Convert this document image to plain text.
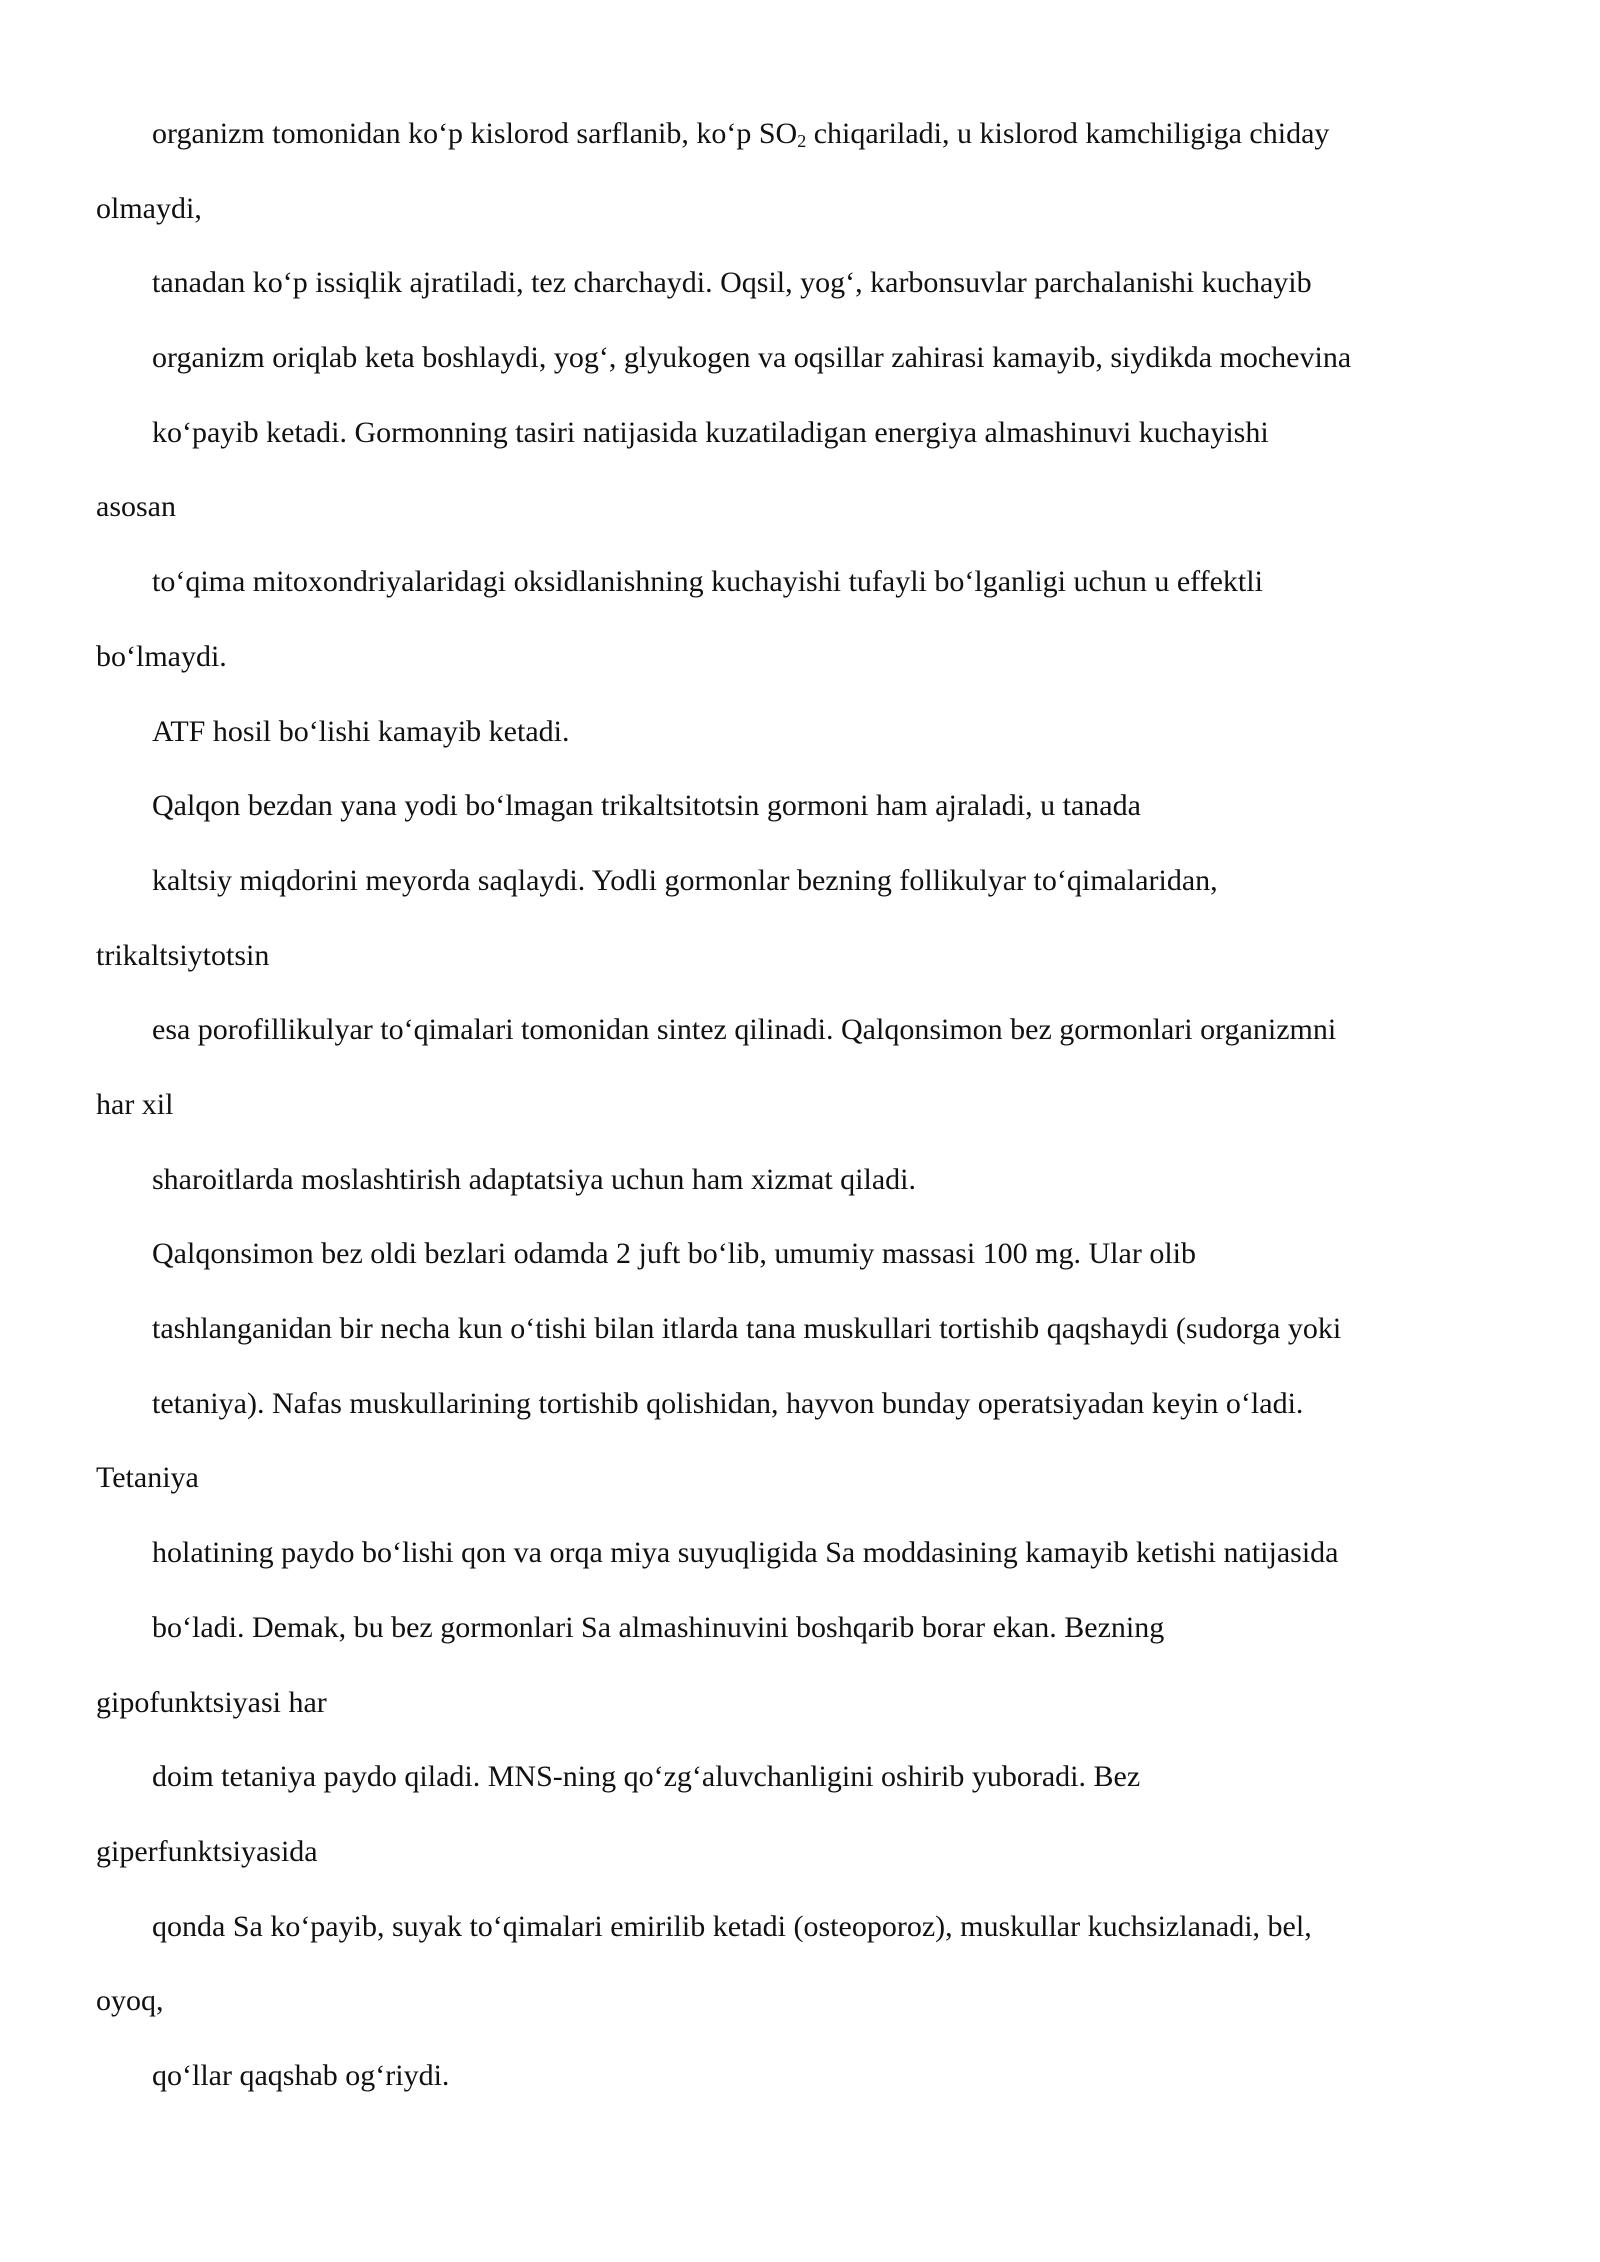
organizm tomonidan ko‘p kislorod sarflanib, ko‘p SO2 chiqariladi, u kislorod kamchiligiga chiday
olmaydi,
tanadan ko‘p issiqlik ajratiladi, tez charchaydi. Oqsil, yog‘, karbonsuvlar parchalanishi kuchayib
organizm oriqlab keta boshlaydi, yog‘, glyukogen va oqsillar zahirasi kamayib, siydikda mochevina
ko‘payib ketadi. Gormonning tasiri natijasida kuzatiladigan energiya almashinuvi kuchayishi
asosan
to‘qima mitoxondriyalaridagi oksidlanishning kuchayishi tufayli bo‘lganligi uchun u effektli
bo‘lmaydi.
ATF hosil bo‘lishi kamayib ketadi.
Qalqon bezdan yana yodi bo‘lmagan trikaltsitotsin gormoni ham ajraladi, u tanada
kaltsiy miqdorini meyorda saqlaydi. Yodli gormonlar bezning follikulyar to‘qimalaridan,
trikaltsiytotsin
esa porofillikulyar to‘qimalari tomonidan sintez qilinadi. Qalqonsimon bez gormonlari organizmni
har xil
sharoitlarda moslashtirish adaptatsiya uchun ham xizmat qiladi.
Qalqonsimon bez oldi bezlari odamda 2 juft bo‘lib, umumiy massasi 100 mg. Ular olib
tashlanganidan bir necha kun o‘tishi bilan itlarda tana muskullari tortishib qaqshaydi (sudorga yoki
tetaniya). Nafas muskullarining tortishib qolishidan, hayvon bunday operatsiyadan keyin o‘ladi.
Tetaniya
holatining paydo bo‘lishi qon va orqa miya suyuqligida Sa moddasining kamayib ketishi natijasida
bo‘ladi. Demak, bu bez gormonlari Sa almashinuvini boshqarib borar ekan. Bezning
gipofunktsiyasi har
doim tetaniya paydo qiladi. MNS-ning qo‘zg‘aluvchanligini oshirib yuboradi. Bez
giperfunktsiyasida
qonda Sa ko‘payib, suyak to‘qimalari emirilib ketadi (osteoporoz), muskullar kuchsizlanadi, bel,
oyoq,
qo‘llar qaqshab og‘riydi.
